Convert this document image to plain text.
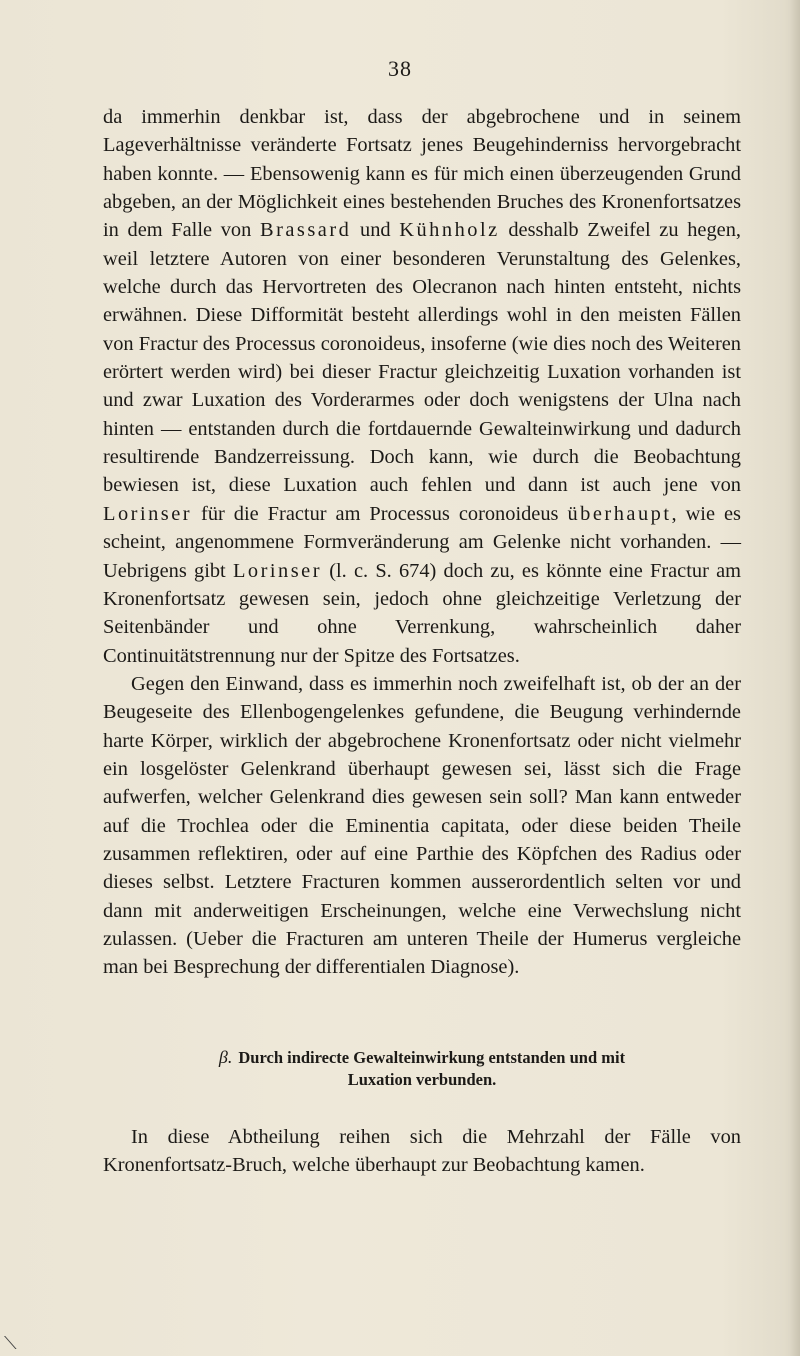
38

da immerhin denkbar ist, dass der abgebrochene und in seinem Lageverhältnisse veränderte Fortsatz jenes Beugehinderniss hervorgebracht haben konnte. — Ebensowenig kann es für mich einen überzeugenden Grund abgeben, an der Möglichkeit eines bestehenden Bruches des Kronenfortsatzes in dem Falle von Brassard und Kühnholz desshalb Zweifel zu hegen, weil letztere Autoren von einer besonderen Verunstaltung des Gelenkes, welche durch das Hervortreten des Olecranon nach hinten entsteht, nichts erwähnen. Diese Difformität besteht allerdings wohl in den meisten Fällen von Fractur des Processus coronoideus, insoferne (wie dies noch des Weiteren erörtert werden wird) bei dieser Fractur gleichzeitig Luxation vorhanden ist und zwar Luxation des Vorderarmes oder doch wenigstens der Ulna nach hinten — entstanden durch die fortdauernde Gewalteinwirkung und dadurch resultirende Bandzerreissung. Doch kann, wie durch die Beobachtung bewiesen ist, diese Luxation auch fehlen und dann ist auch jene von Lorinser für die Fractur am Processus coronoideus überhaupt, wie es scheint, angenommene Formveränderung am Gelenke nicht vorhanden. — Uebrigens gibt Lorinser (l. c. S. 674) doch zu, es könnte eine Fractur am Kronenfortsatz gewesen sein, jedoch ohne gleichzeitige Verletzung der Seitenbänder und ohne Verrenkung, wahrscheinlich daher Continuitätstrennung nur der Spitze des Fortsatzes.

Gegen den Einwand, dass es immerhin noch zweifelhaft ist, ob der an der Beugeseite des Ellenbogengelenkes gefundene, die Beugung verhindernde harte Körper, wirklich der abgebrochene Kronenfortsatz oder nicht vielmehr ein losgelöster Gelenkrand überhaupt gewesen sei, lässt sich die Frage aufwerfen, welcher Gelenkrand dies gewesen sein soll? Man kann entweder auf die Trochlea oder die Eminentia capitata, oder diese beiden Theile zusammen reflektiren, oder auf eine Parthie des Köpfchen des Radius oder dieses selbst. Letztere Fracturen kommen ausserordentlich selten vor und dann mit anderweitigen Erscheinungen, welche eine Verwechslung nicht zulassen. (Ueber die Fracturen am unteren Theile der Humerus vergleiche man bei Besprechung der differentialen Diagnose).

β. Durch indirecte Gewalteinwirkung entstanden und mit
Luxation verbunden.

In diese Abtheilung reihen sich die Mehrzahl der Fälle von Kronenfortsatz-Bruch, welche überhaupt zur Beobachtung kamen.

⟍
